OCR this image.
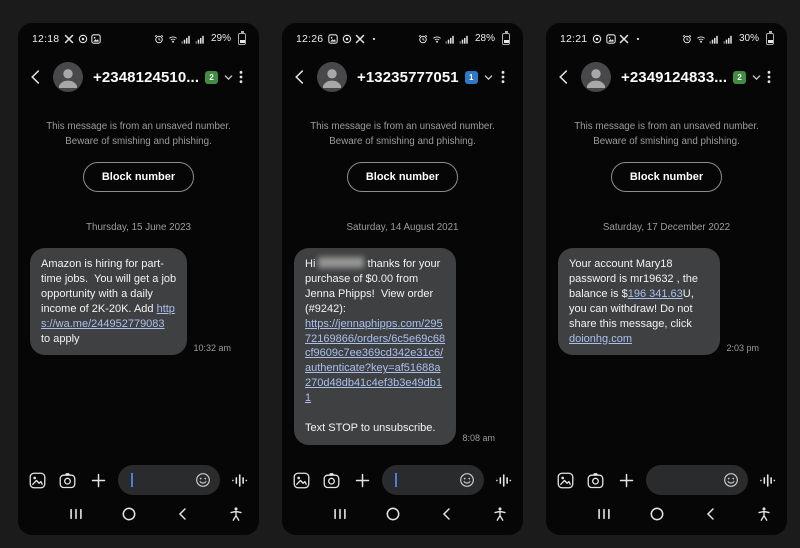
12:18	29%
+2348124510...	2

This message is from an unsaved number. Beware of smishing and phishing.

Block number

Thursday, 15 June 2023

Amazon is hiring for part-time jobs.  You will get a job opportunity with a daily income of 2K-20K. Add https://wa.me/244952779083 to apply
10:32 am
12:26	28%
+13235777051	1

This message is from an unsaved number. Beware of smishing and phishing.

Block number

Saturday, 14 August 2021

Hi	thanks for your purchase of $0.00 from Jenna Phipps!  View order (#9242):
https://jennaphipps.com/29572169866/orders/6c5e69c68cf9609c7ee369cd342e31c6/authenticate?key=af51688a270d48db41c4ef3b3e49db11

Text STOP to unsubscribe.
8:08 am
12:21	30%
+2349124833...	2

This message is from an unsaved number. Beware of smishing and phishing.

Block number

Saturday, 17 December 2022

Your account Mary18 password is mr19632 , the balance is $196 341.63U, you can withdraw! Do not share this message, click doionhg.com
2:03 pm
